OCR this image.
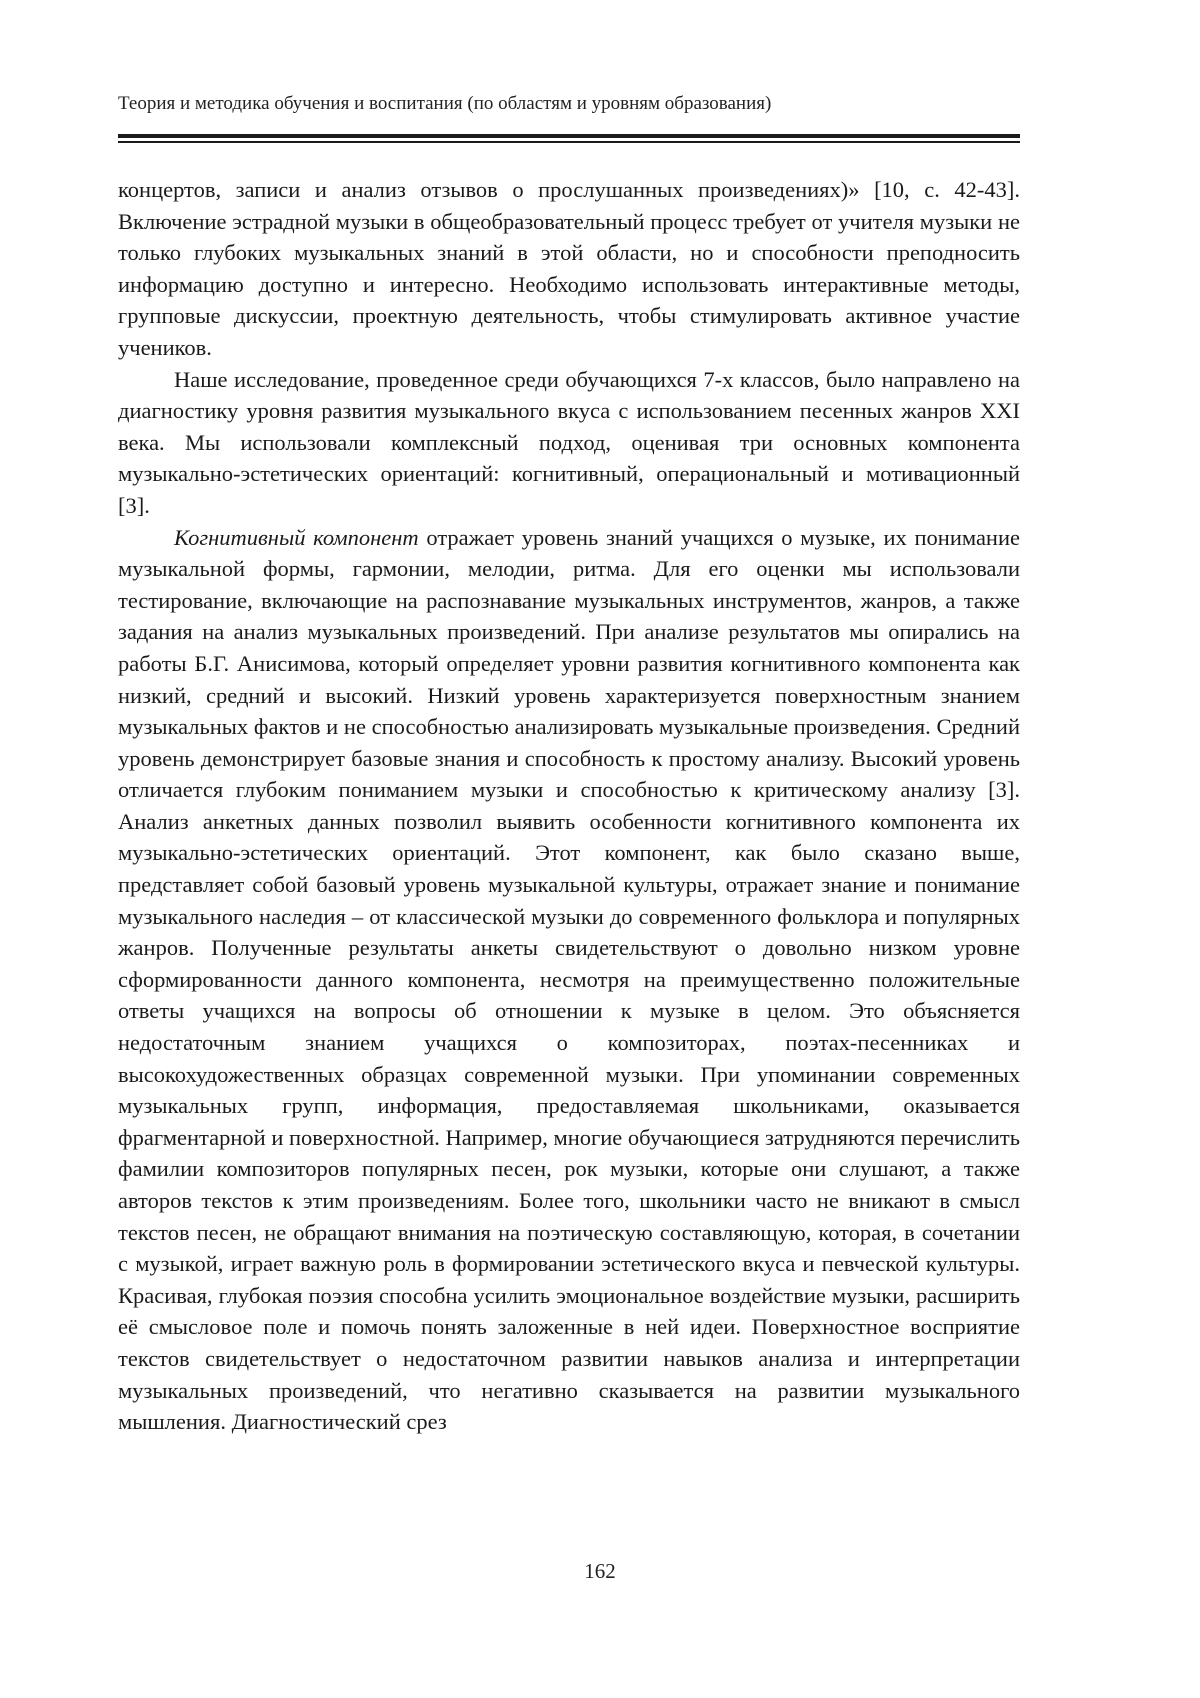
Теория и методика обучения и воспитания (по областям и уровням образования)

концертов, записи и анализ отзывов о прослушанных произведениях)» [10, с. 42-43]. Включение эстрадной музыки в общеобразовательный процесс требует от учителя музыки не только глубоких музыкальных знаний в этой области, но и способности преподносить информацию доступно и интересно. Необходимо использовать интерактивные методы, групповые дискуссии, проектную деятельность, чтобы стимулировать активное участие учеников.

Наше исследование, проведенное среди обучающихся 7-х классов, было направлено на диагностику уровня развития музыкального вкуса с использованием песенных жанров XXI века. Мы использовали комплексный подход, оценивая три основных компонента музыкально-эстетических ориентаций: когнитивный, операциональный и мотивационный [3].

Когнитивный компонент отражает уровень знаний учащихся о музыке, их понимание музыкальной формы, гармонии, мелодии, ритма. Для его оценки мы использовали тестирование, включающие на распознавание музыкальных инструментов, жанров, а также задания на анализ музыкальных произведений. При анализе результатов мы опирались на работы Б.Г. Анисимова, который определяет уровни развития когнитивного компонента как низкий, средний и высокий. Низкий уровень характеризуется поверхностным знанием музыкальных фактов и не способностью анализировать музыкальные произведения. Средний уровень демонстрирует базовые знания и способность к простому анализу. Высокий уровень отличается глубоким пониманием музыки и способностью к критическому анализу [3]. Анализ анкетных данных позволил выявить особенности когнитивного компонента их музыкально-эстетических ориентаций. Этот компонент, как было сказано выше, представляет собой базовый уровень музыкальной культуры, отражает знание и понимание музыкального наследия – от классической музыки до современного фольклора и популярных жанров. Полученные результаты анкеты свидетельствуют о довольно низком уровне сформированности данного компонента, несмотря на преимущественно положительные ответы учащихся на вопросы об отношении к музыке в целом. Это объясняется недостаточным знанием учащихся о композиторах, поэтах-песенниках и высокохудожественных образцах современной музыки. При упоминании современных музыкальных групп, информация, предоставляемая школьниками, оказывается фрагментарной и поверхностной. Например, многие обучающиеся затрудняются перечислить фамилии композиторов популярных песен, рок музыки, которые они слушают, а также авторов текстов к этим произведениям. Более того, школьники часто не вникают в смысл текстов песен, не обращают внимания на поэтическую составляющую, которая, в сочетании с музыкой, играет важную роль в формировании эстетического вкуса и певческой культуры. Красивая, глубокая поэзия способна усилить эмоциональное воздействие музыки, расширить её смысловое поле и помочь понять заложенные в ней идеи. Поверхностное восприятие текстов свидетельствует о недостаточном развитии навыков анализа и интерпретации музыкальных произведений, что негативно сказывается на развитии музыкального мышления. Диагностический срез

162
